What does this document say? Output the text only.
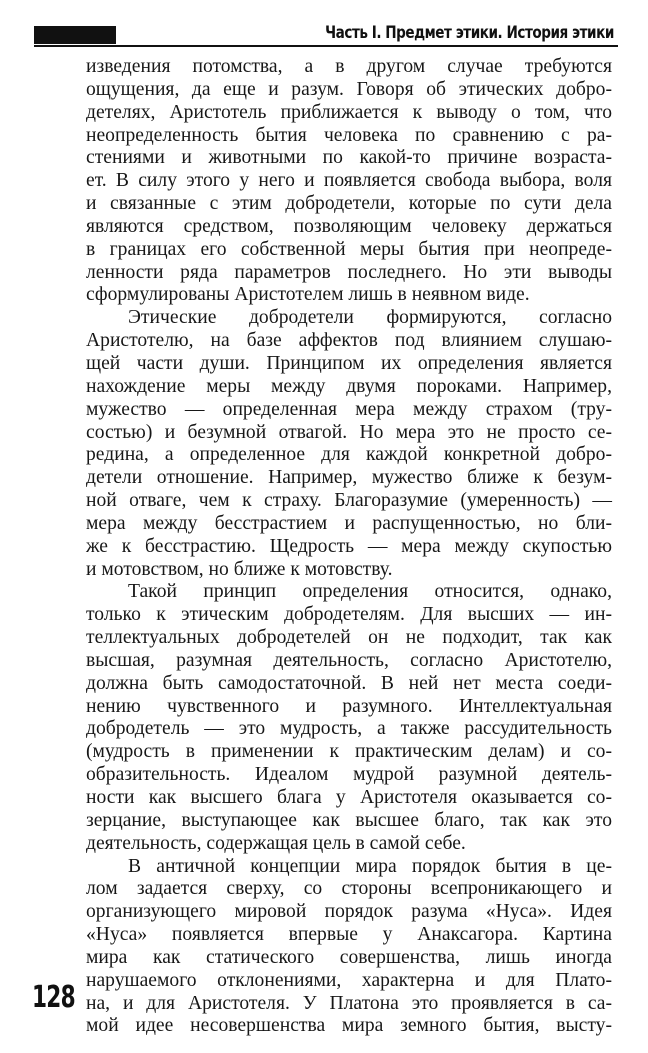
Часть I. Предмет этики. История этики
изведения потомства, а в другом случае требуются
ощущения, да еще и разум. Говоря об этических добро-
детелях, Аристотель приближается к выводу о том, что
неопределенность бытия человека по сравнению с ра-
стениями и животными по какой-то причине возраста-
ет. В силу этого у него и появляется свобода выбора, воля
и связанные с этим добродетели, которые по сути дела
являются средством, позволяющим человеку держаться
в границах его собственной меры бытия при неопреде-
ленности ряда параметров последнего. Но эти выводы
сформулированы Аристотелем лишь в неявном виде.
Этические добродетели формируются, согласно
Аристотелю, на базе аффектов под влиянием слушаю-
щей части души. Принципом их определения является
нахождение меры между двумя пороками. Например,
мужество — определенная мера между страхом (тру-
состью) и безумной отвагой. Но мера это не просто се-
редина, а определенное для каждой конкретной добро-
детели отношение. Например, мужество ближе к безум-
ной отваге, чем к страху. Благоразумие (умеренность) —
мера между бесстрастием и распущенностью, но бли-
же к бесстрастию. Щедрость — мера между скупостью
и мотовством, но ближе к мотовству.
Такой принцип определения относится, однако,
только к этическим добродетелям. Для высших — ин-
теллектуальных добродетелей он не подходит, так как
высшая, разумная деятельность, согласно Аристотелю,
должна быть самодостаточной. В ней нет места соеди-
нению чувственного и разумного. Интеллектуальная
добродетель — это мудрость, а также рассудительность
(мудрость в применении к практическим делам) и со-
образительность. Идеалом мудрой разумной деятель-
ности как высшего блага у Аристотеля оказывается со-
зерцание, выступающее как высшее благо, так как это
деятельность, содержащая цель в самой себе.
В античной концепции мира порядок бытия в це-
лом задается сверху, со стороны всепроникающего и
организующего мировой порядок разума «Нуса». Идея
«Нуса» появляется впервые у Анаксагора. Картина
мира как статического совершенства, лишь иногда
нарушаемого отклонениями, характерна и для Плато-
на, и для Аристотеля. У Платона это проявляется в са-
мой идее несовершенства мира земного бытия, высту-
128
